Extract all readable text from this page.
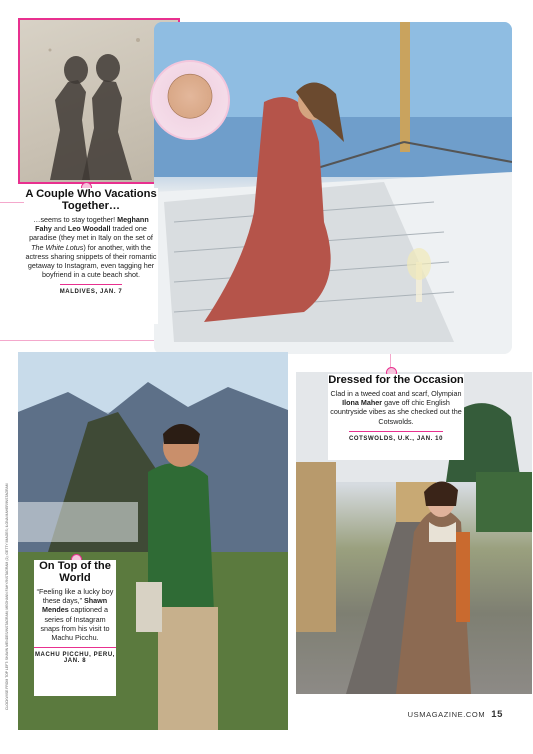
A Couple Who Vacations Together…
…seems to stay together! Meghann Fahy and Leo Woodall traded one paradise (they met in Italy on the set of The White Lotus) for another, with the actress sharing snippets of their romantic getaway to Instagram, even tagging her boyfriend in a cute beach shot.
MALDIVES, JAN. 7
On Top of the World
“Feeling like a lucky boy these days,” Shawn Mendes captioned a series of Instagram snaps from his visit to Machu Picchu.
MACHU PICCHU, PERU, JAN. 8
Dressed for the Occasion
Clad in a tweed coat and scarf, Olympian Ilona Maher gave off chic English countryside vibes as she checked out the Cotswolds.
COTSWOLDS, U.K., JAN. 10
CLOCKWISE FROM TOP LEFT: SHAWN MENDES/INSTAGRAM; MEGHANN FAHY/INSTAGRAM (2); GETTY IMAGES; ILONA MAHER/INSTAGRAM
USMAGAZINE.COM 15
